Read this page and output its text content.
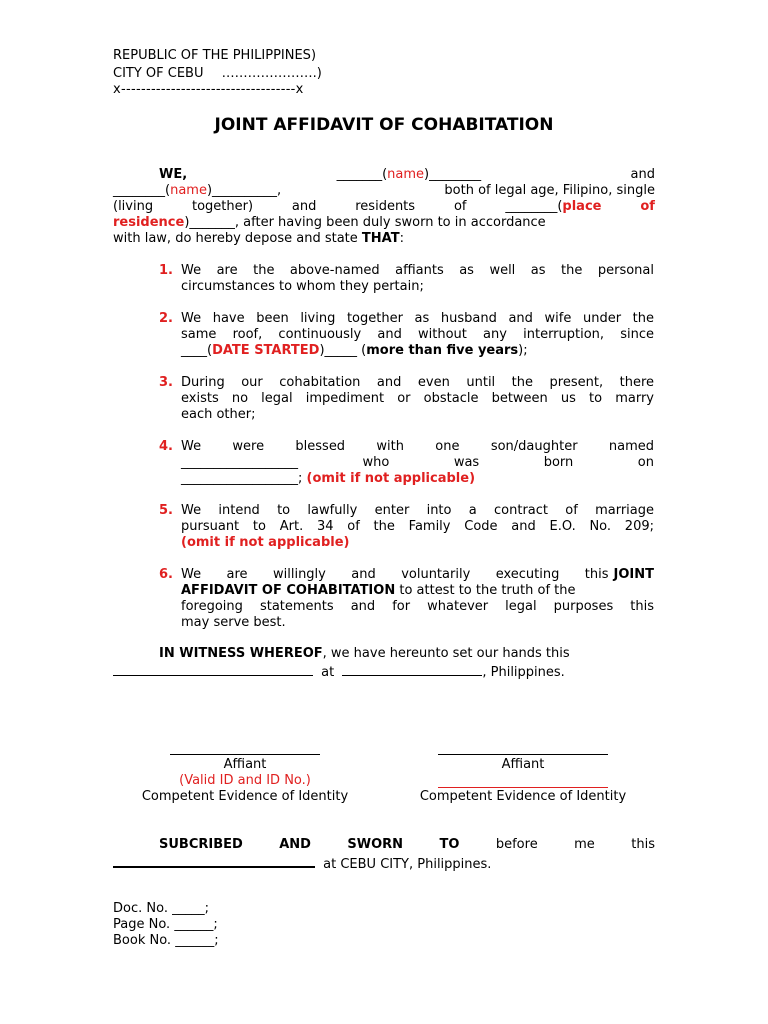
REPUBLIC OF THE PHILIPPINES)
CITY OF CEBU ………………….)
x-----------------------------------x
JOINT AFFIDAVIT OF COHABITATION
WE,	_______(name)________	and
________(name)__________,	both of legal age, Filipino, single
(living	together)	and	residents	of	________(place	of
residence)_______, after having been duly sworn to in accordance
with law, do hereby depose and state THAT:
1. We are the above-named affiants as well as the personal
circumstances to whom they pertain;
2. We have been living together as husband and wife under the
same roof, continuously and without any interruption, since
____(DATE STARTED)_____ (more than five years);
3. During our cohabitation and even until the present, there
exists no legal impediment or obstacle between us to marry
each other;
4. We were blessed with one son/daughter named
__________________	who	was	born	on
__________________; (omit if not applicable)
5. We intend to lawfully enter into a contract of marriage
pursuant to Art. 34 of the Family Code and E.O. No. 209;
(omit if not applicable)
6. We are willingly and voluntarily executing this JOINT
AFFIDAVIT OF COHABITATION to attest to the truth of the
foregoing statements and for whatever legal purposes this
may serve best.
IN WITNESS WHEREOF, we have hereunto set our hands this
at	, Philippines.
Affiant
(Valid ID and ID No.)
Competent Evidence of Identity
Affiant
Competent Evidence of Identity
SUBCRIBED	AND	SWORN	TO	before	me	this
at CEBU CITY, Philippines.
Doc. No. _____;
Page No. ______;
Book No. ______;
